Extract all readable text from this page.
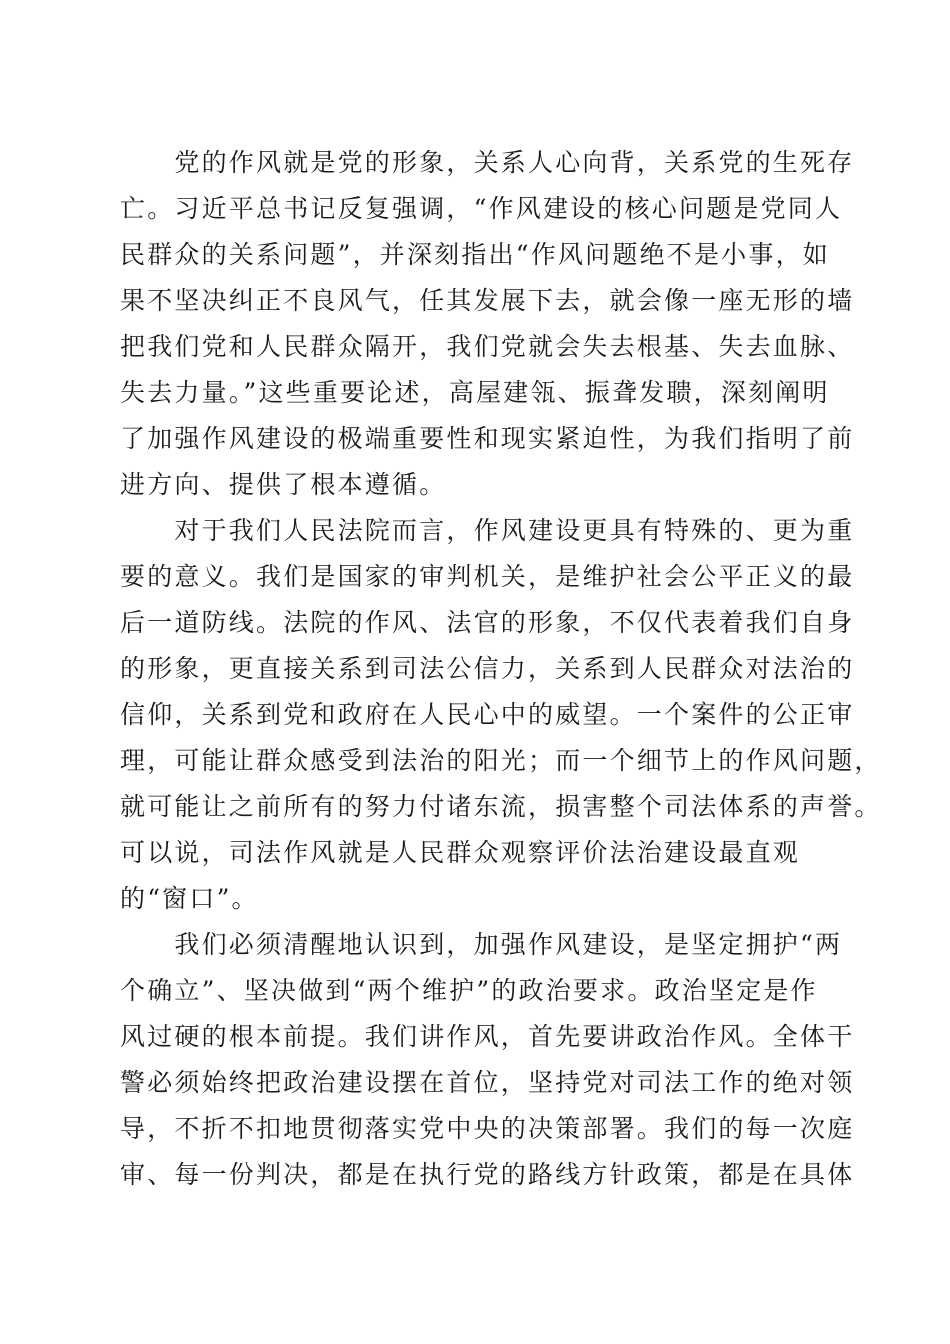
　　党的作风就是党的形象，关系人心向背，关系党的生死存
亡。习近平总书记反复强调，“作风建设的核心问题是党同人
民群众的关系问题”，并深刻指出“作风问题绝不是小事，如
果不坚决纠正不良风气，任其发展下去，就会像一座无形的墙
把我们党和人民群众隔开，我们党就会失去根基、失去血脉、
失去力量。”这些重要论述，高屋建瓴、振聋发聩，深刻阐明
了加强作风建设的极端重要性和现实紧迫性，为我们指明了前
进方向、提供了根本遵循。
　　对于我们人民法院而言，作风建设更具有特殊的、更为重
要的意义。我们是国家的审判机关，是维护社会公平正义的最
后一道防线。法院的作风、法官的形象，不仅代表着我们自身
的形象，更直接关系到司法公信力，关系到人民群众对法治的
信仰，关系到党和政府在人民心中的威望。一个案件的公正审
理，可能让群众感受到法治的阳光；而一个细节上的作风问题，
就可能让之前所有的努力付诸东流，损害整个司法体系的声誉。
可以说，司法作风就是人民群众观察评价法治建设最直观
的“窗口”。
　　我们必须清醒地认识到，加强作风建设，是坚定拥护“两
个确立”、坚决做到“两个维护”的政治要求。政治坚定是作
风过硬的根本前提。我们讲作风，首先要讲政治作风。全体干
警必须始终把政治建设摆在首位，坚持党对司法工作的绝对领
导，不折不扣地贯彻落实党中央的决策部署。我们的每一次庭
审、每一份判决，都是在执行党的路线方针政策，都是在具体
